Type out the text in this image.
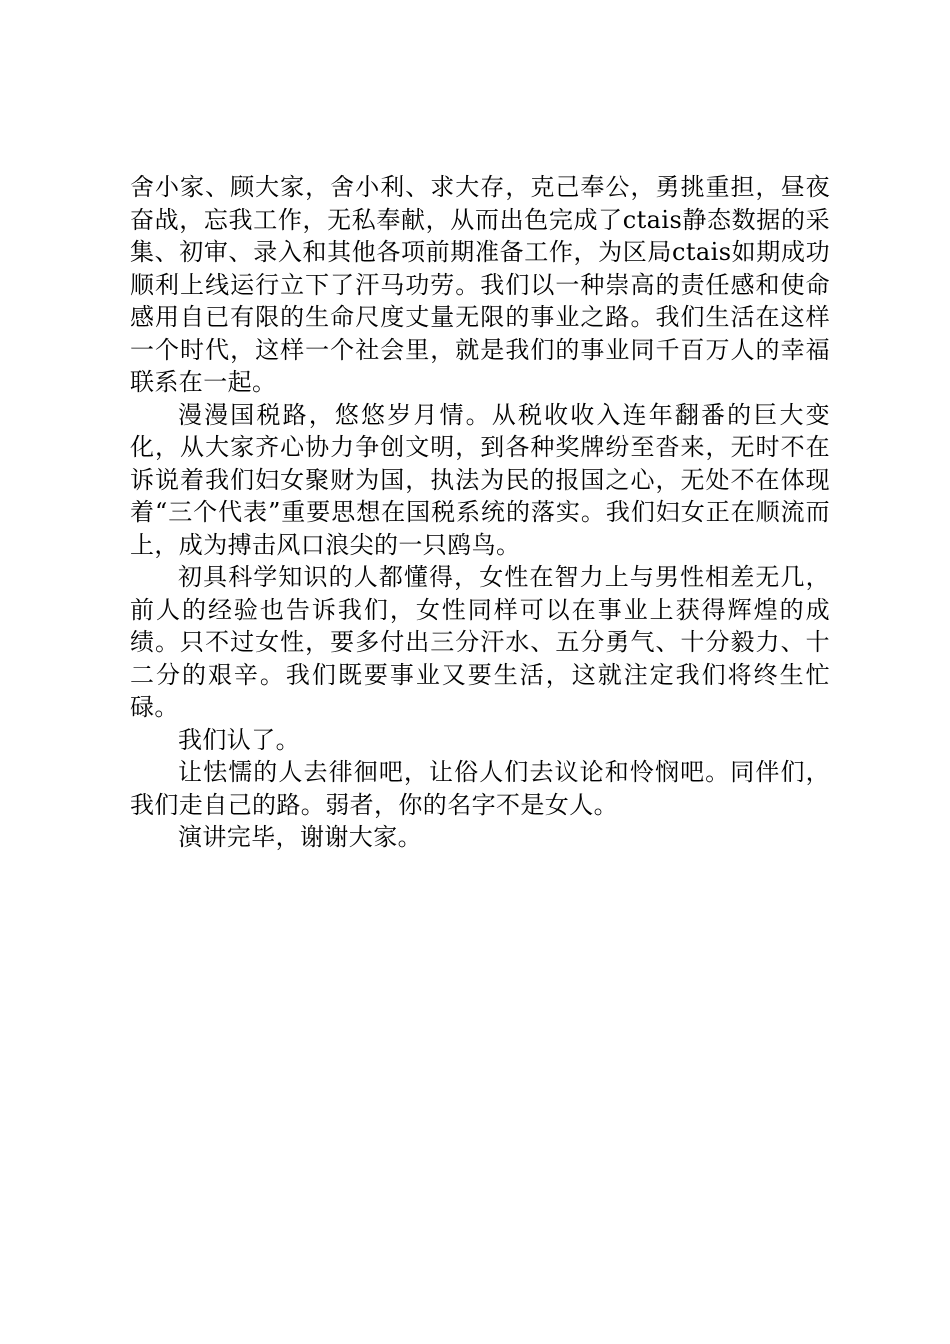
舍小家、顾大家，舍小利、求大存，克己奉公，勇挑重担，昼夜奋战，忘我工作，无私奉献，从而出色完成了ctais静态数据的采集、初审、录入和其他各项前期准备工作，为区局ctais如期成功顺利上线运行立下了汗马功劳。我们以一种崇高的责任感和使命感用自已有限的生命尺度丈量无限的事业之路。我们生活在这样一个时代，这样一个社会里，就是我们的事业同千百万人的幸福联系在一起。

漫漫国税路，悠悠岁月情。从税收收入连年翻番的巨大变化，从大家齐心协力争创文明，到各种奖牌纷至沓来，无时不在诉说着我们妇女聚财为国，执法为民的报国之心，无处不在体现着“三个代表”重要思想在国税系统的落实。我们妇女正在顺流而上，成为搏击风口浪尖的一只鸥鸟。

初具科学知识的人都懂得，女性在智力上与男性相差无几，前人的经验也告诉我们，女性同样可以在事业上获得辉煌的成绩。只不过女性，要多付出三分汗水、五分勇气、十分毅力、十二分的艰辛。我们既要事业又要生活，这就注定我们将终生忙碌。

我们认了。

让怯懦的人去徘徊吧，让俗人们去议论和怜悯吧。同伴们，我们走自己的路。弱者，你的名字不是女人。

演讲完毕，谢谢大家。
